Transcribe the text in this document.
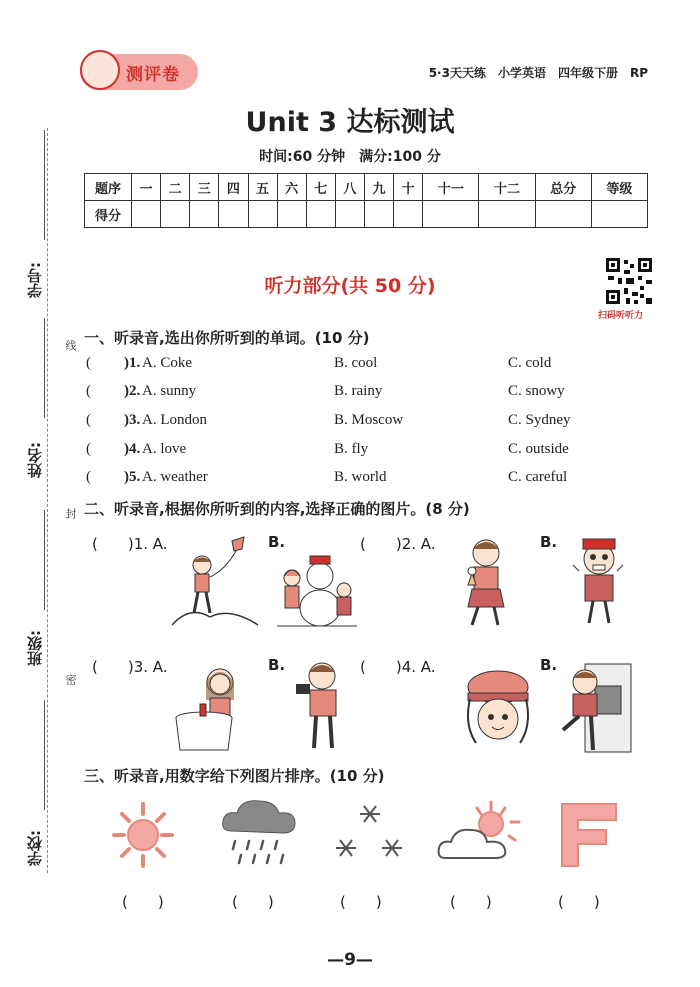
学号:
姓名:
班级:
学校:
线
封
密
测评卷	5·3天天练　小学英语　四年级下册　RP
Unit 3 达标测试
时间:60 分钟　满分:100 分
题序	一	二	三	四	五	六	七	八	九	十	十一	十二	总分	等级
得分														
听力部分(共 50 分)
扫码听听力
一、听录音,选出你所听到的单词。(10 分)
( )1. A. Coke	B. cool	C. cold
( )2. A. sunny	B. rainy	C. snowy
( )3. A. London	B. Moscow	C. Sydney
( )4. A. love	B. fly	C. outside
( )5. A. weather	B. world	C. careful
二、听录音,根据你所听到的内容,选择正确的图片。(8 分)
(　　)1. A.	B.	(　　)2. A.	B.
(　　)3. A.	B.	(　　)4. A.	B.
三、听录音,用数字给下列图片排序。(10 分)
(　　)	(　　)	(　　)	(　　)	(　　)
—9—
